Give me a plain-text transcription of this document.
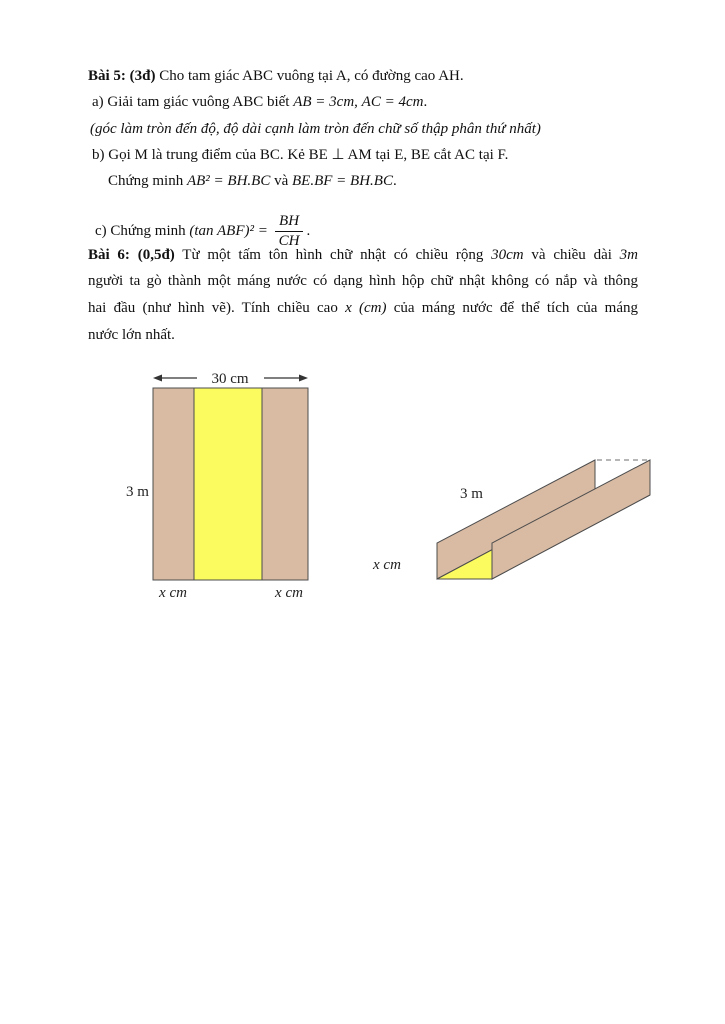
Bài 5: (3đ) Cho tam giác ABC vuông tại A, có đường cao AH.
a) Giải tam giác vuông ABC biết AB = 3cm, AC = 4cm.
(góc làm tròn đến độ, độ dài cạnh làm tròn đến chữ số thập phân thứ nhất)
b) Gọi M là trung điểm của BC. Kẻ BE ⊥ AM tại E, BE cắt AC tại F.
Chứng minh AB² = BH.BC và BE.BF = BH.BC.
c) Chứng minh (tan $ABF)^2 = \frac{BH}{CH}$ .
Bài 6: (0,5đ) Từ một tấm tôn hình chữ nhật có chiều rộng 30cm và chiều dài 3m
người ta gò thành một máng nước có dạng hình hộp chữ nhật không có nắp và thông
hai đầu (như hình vẽ). Tính chiều cao x (cm) của máng nước để thể tích của máng
nước lớn nhất.
30 cm
3 m
x cm	x cm
3 m
x cm
